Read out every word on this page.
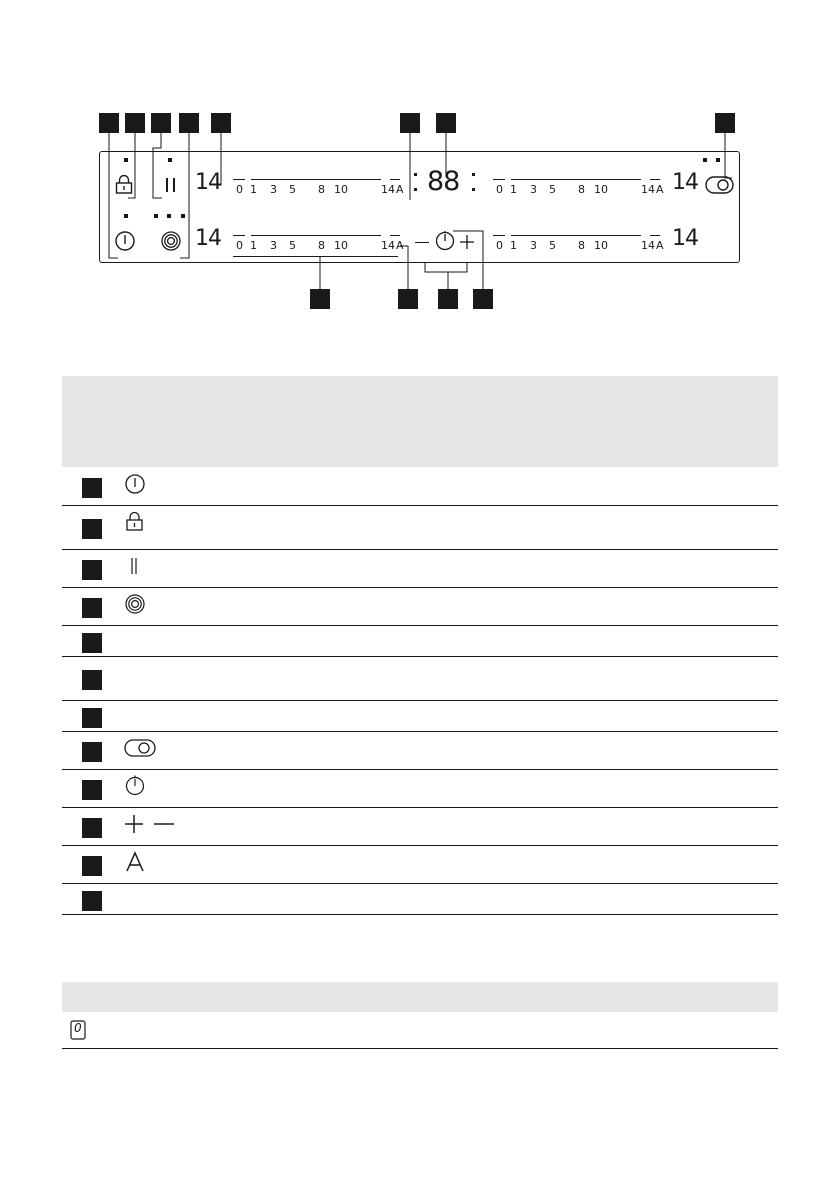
14
14
14
14
88
0 1 3 5 8 10	14 A
0 1 3 5 8 10	14 A
0 1 3 5 8 10	14 A
0 1 3 5 8 10	14 A
0
